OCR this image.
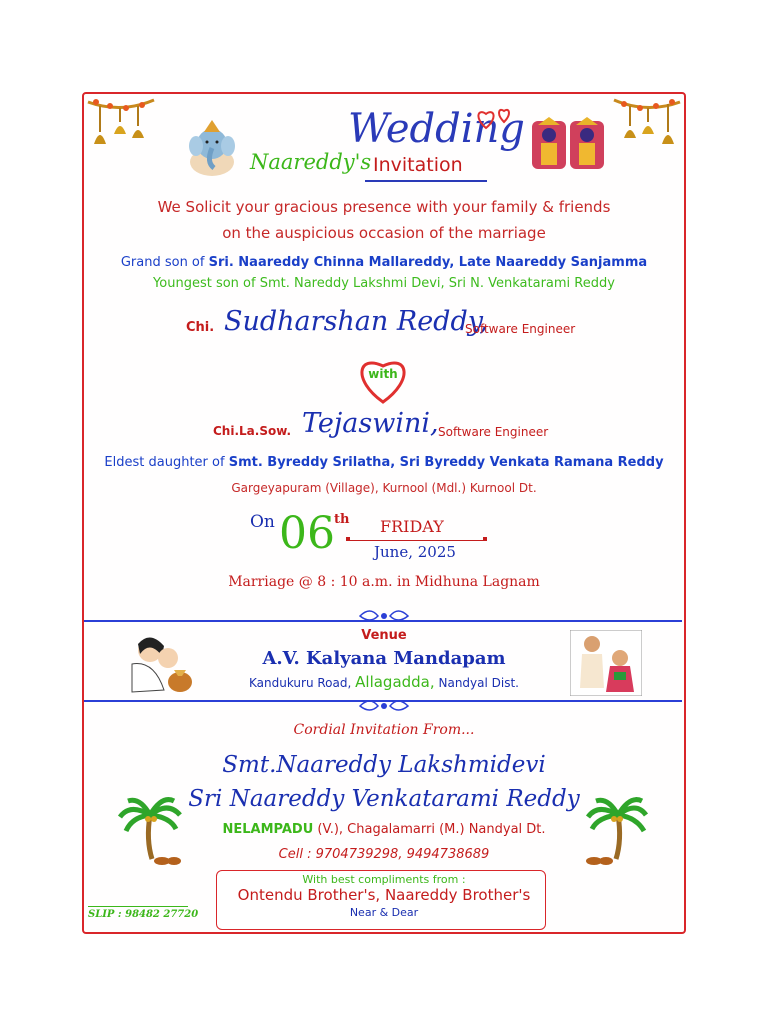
Wedding
Naareddy's Invitation
We Solicit your gracious presence with your family & friends
on the auspicious occasion of the marriage
Grand son of Sri. Naareddy Chinna Mallareddy, Late Naareddy Sanjamma
Youngest son of Smt. Nareddy Lakshmi Devi, Sri N. Venkatarami Reddy
Chi. Sudharshan Reddy,
Software Engineer
with
Chi.La.Sow. Tejaswini, Software Engineer
Eldest daughter of Smt. Byreddy Srilatha, Sri Byreddy Venkata Ramana Reddy
Gargeyapuram (Village), Kurnool (Mdl.) Kurnool Dt.
On 06 th FRIDAY
June, 2025
Marriage @ 8 : 10 a.m. in Midhuna Lagnam
Venue
A.V. Kalyana Mandapam
Kandukuru Road, Allagadda, Nandyal Dist.
Cordial Invitation From...
Smt.Naareddy Lakshmidevi
Sri Naareddy Venkatarami Reddy
NELAMPADU (V.), Chagalamarri (M.) Nandyal Dt.
Cell : 9704739298, 9494738689
With best compliments from :
Ontendu Brother's, Naareddy Brother's
Near & Dear
SLIP : 98482 27720
